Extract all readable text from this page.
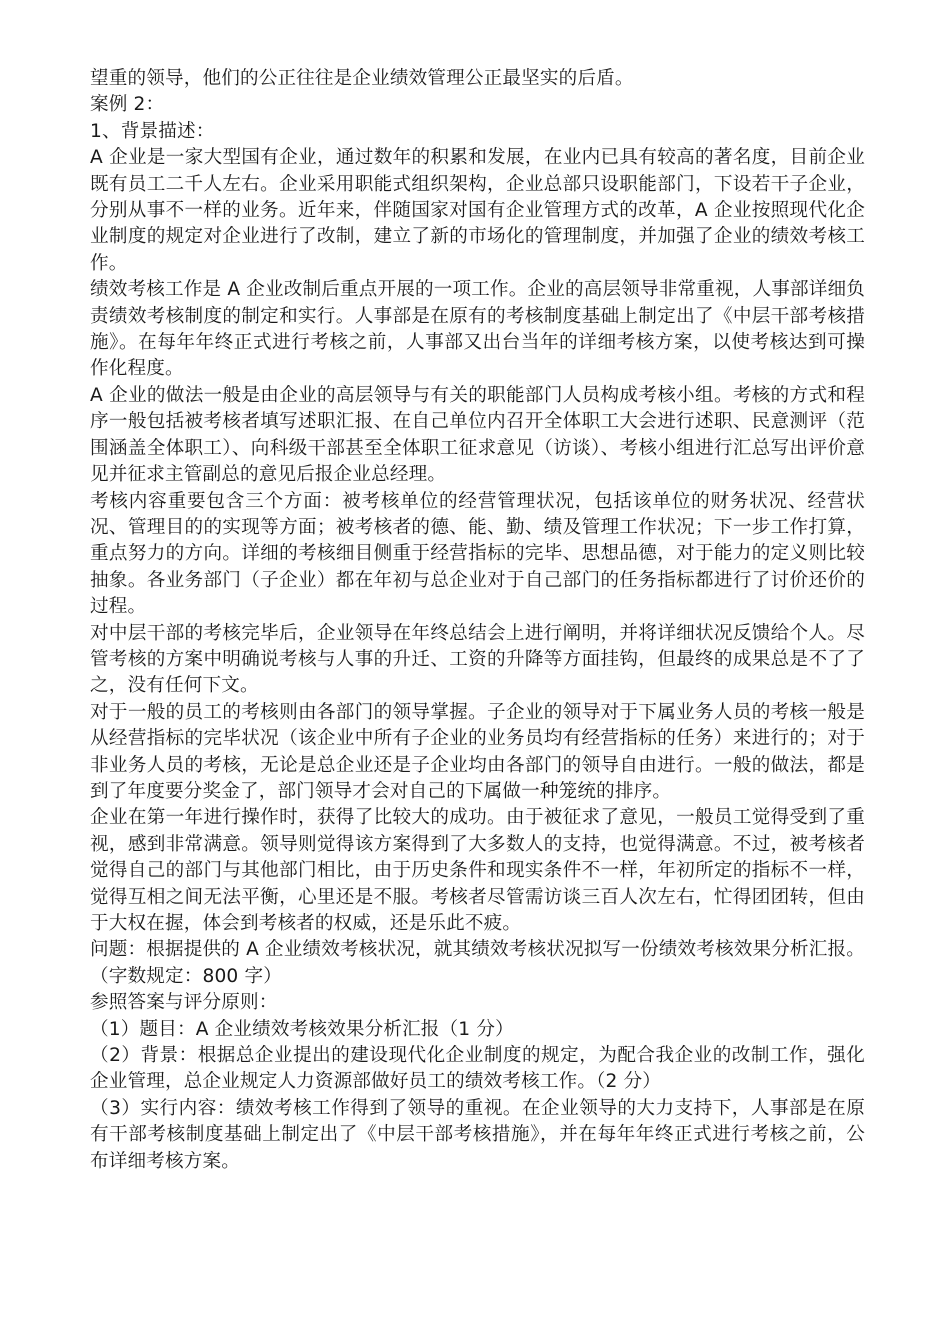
望重的领导，他们的公正往往是企业绩效管理公正最坚实的后盾。

案例 2：

1、背景描述：

A 企业是一家大型国有企业，通过数年的积累和发展，在业内已具有较高的著名度，目前企业既有员工二千人左右。企业采用职能式组织架构，企业总部只设职能部门，下设若干子企业，分别从事不一样的业务。近年来，伴随国家对国有企业管理方式的改革，A 企业按照现代化企业制度的规定对企业进行了改制，建立了新的市场化的管理制度，并加强了企业的绩效考核工作。

绩效考核工作是 A 企业改制后重点开展的一项工作。企业的高层领导非常重视，人事部详细负责绩效考核制度的制定和实行。人事部是在原有的考核制度基础上制定出了《中层干部考核措施》。在每年年终正式进行考核之前，人事部又出台当年的详细考核方案，以使考核达到可操作化程度。

A 企业的做法一般是由企业的高层领导与有关的职能部门人员构成考核小组。考核的方式和程序一般包括被考核者填写述职汇报、在自己单位内召开全体职工大会进行述职、民意测评（范围涵盖全体职工）、向科级干部甚至全体职工征求意见（访谈）、考核小组进行汇总写出评价意见并征求主管副总的意见后报企业总经理。

考核内容重要包含三个方面：被考核单位的经营管理状况，包括该单位的财务状况、经营状况、管理目的的实现等方面；被考核者的德、能、勤、绩及管理工作状况；下一步工作打算，重点努力的方向。详细的考核细目侧重于经营指标的完毕、思想品德，对于能力的定义则比较抽象。各业务部门（子企业）都在年初与总企业对于自己部门的任务指标都进行了讨价还价的过程。

对中层干部的考核完毕后，企业领导在年终总结会上进行阐明，并将详细状况反馈给个人。尽管考核的方案中明确说考核与人事的升迁、工资的升降等方面挂钩，但最终的成果总是不了了之，没有任何下文。

对于一般的员工的考核则由各部门的领导掌握。子企业的领导对于下属业务人员的考核一般是从经营指标的完毕状况（该企业中所有子企业的业务员均有经营指标的任务）来进行的；对于非业务人员的考核，无论是总企业还是子企业均由各部门的领导自由进行。一般的做法，都是到了年度要分奖金了，部门领导才会对自己的下属做一种笼统的排序。

企业在第一年进行操作时，获得了比较大的成功。由于被征求了意见，一般员工觉得受到了重视，感到非常满意。领导则觉得该方案得到了大多数人的支持，也觉得满意。不过，被考核者觉得自己的部门与其他部门相比，由于历史条件和现实条件不一样，年初所定的指标不一样，觉得互相之间无法平衡，心里还是不服。考核者尽管需访谈三百人次左右，忙得团团转，但由于大权在握，体会到考核者的权威，还是乐此不疲。

问题：根据提供的 A 企业绩效考核状况，就其绩效考核状况拟写一份绩效考核效果分析汇报。（字数规定：800 字）

参照答案与评分原则：

（1）题目：A 企业绩效考核效果分析汇报（1 分）

（2）背景：根据总企业提出的建设现代化企业制度的规定，为配合我企业的改制工作，强化企业管理，总企业规定人力资源部做好员工的绩效考核工作。（2 分）

（3）实行内容：绩效考核工作得到了领导的重视。在企业领导的大力支持下，人事部是在原有干部考核制度基础上制定出了《中层干部考核措施》，并在每年年终正式进行考核之前，公布详细考核方案。
